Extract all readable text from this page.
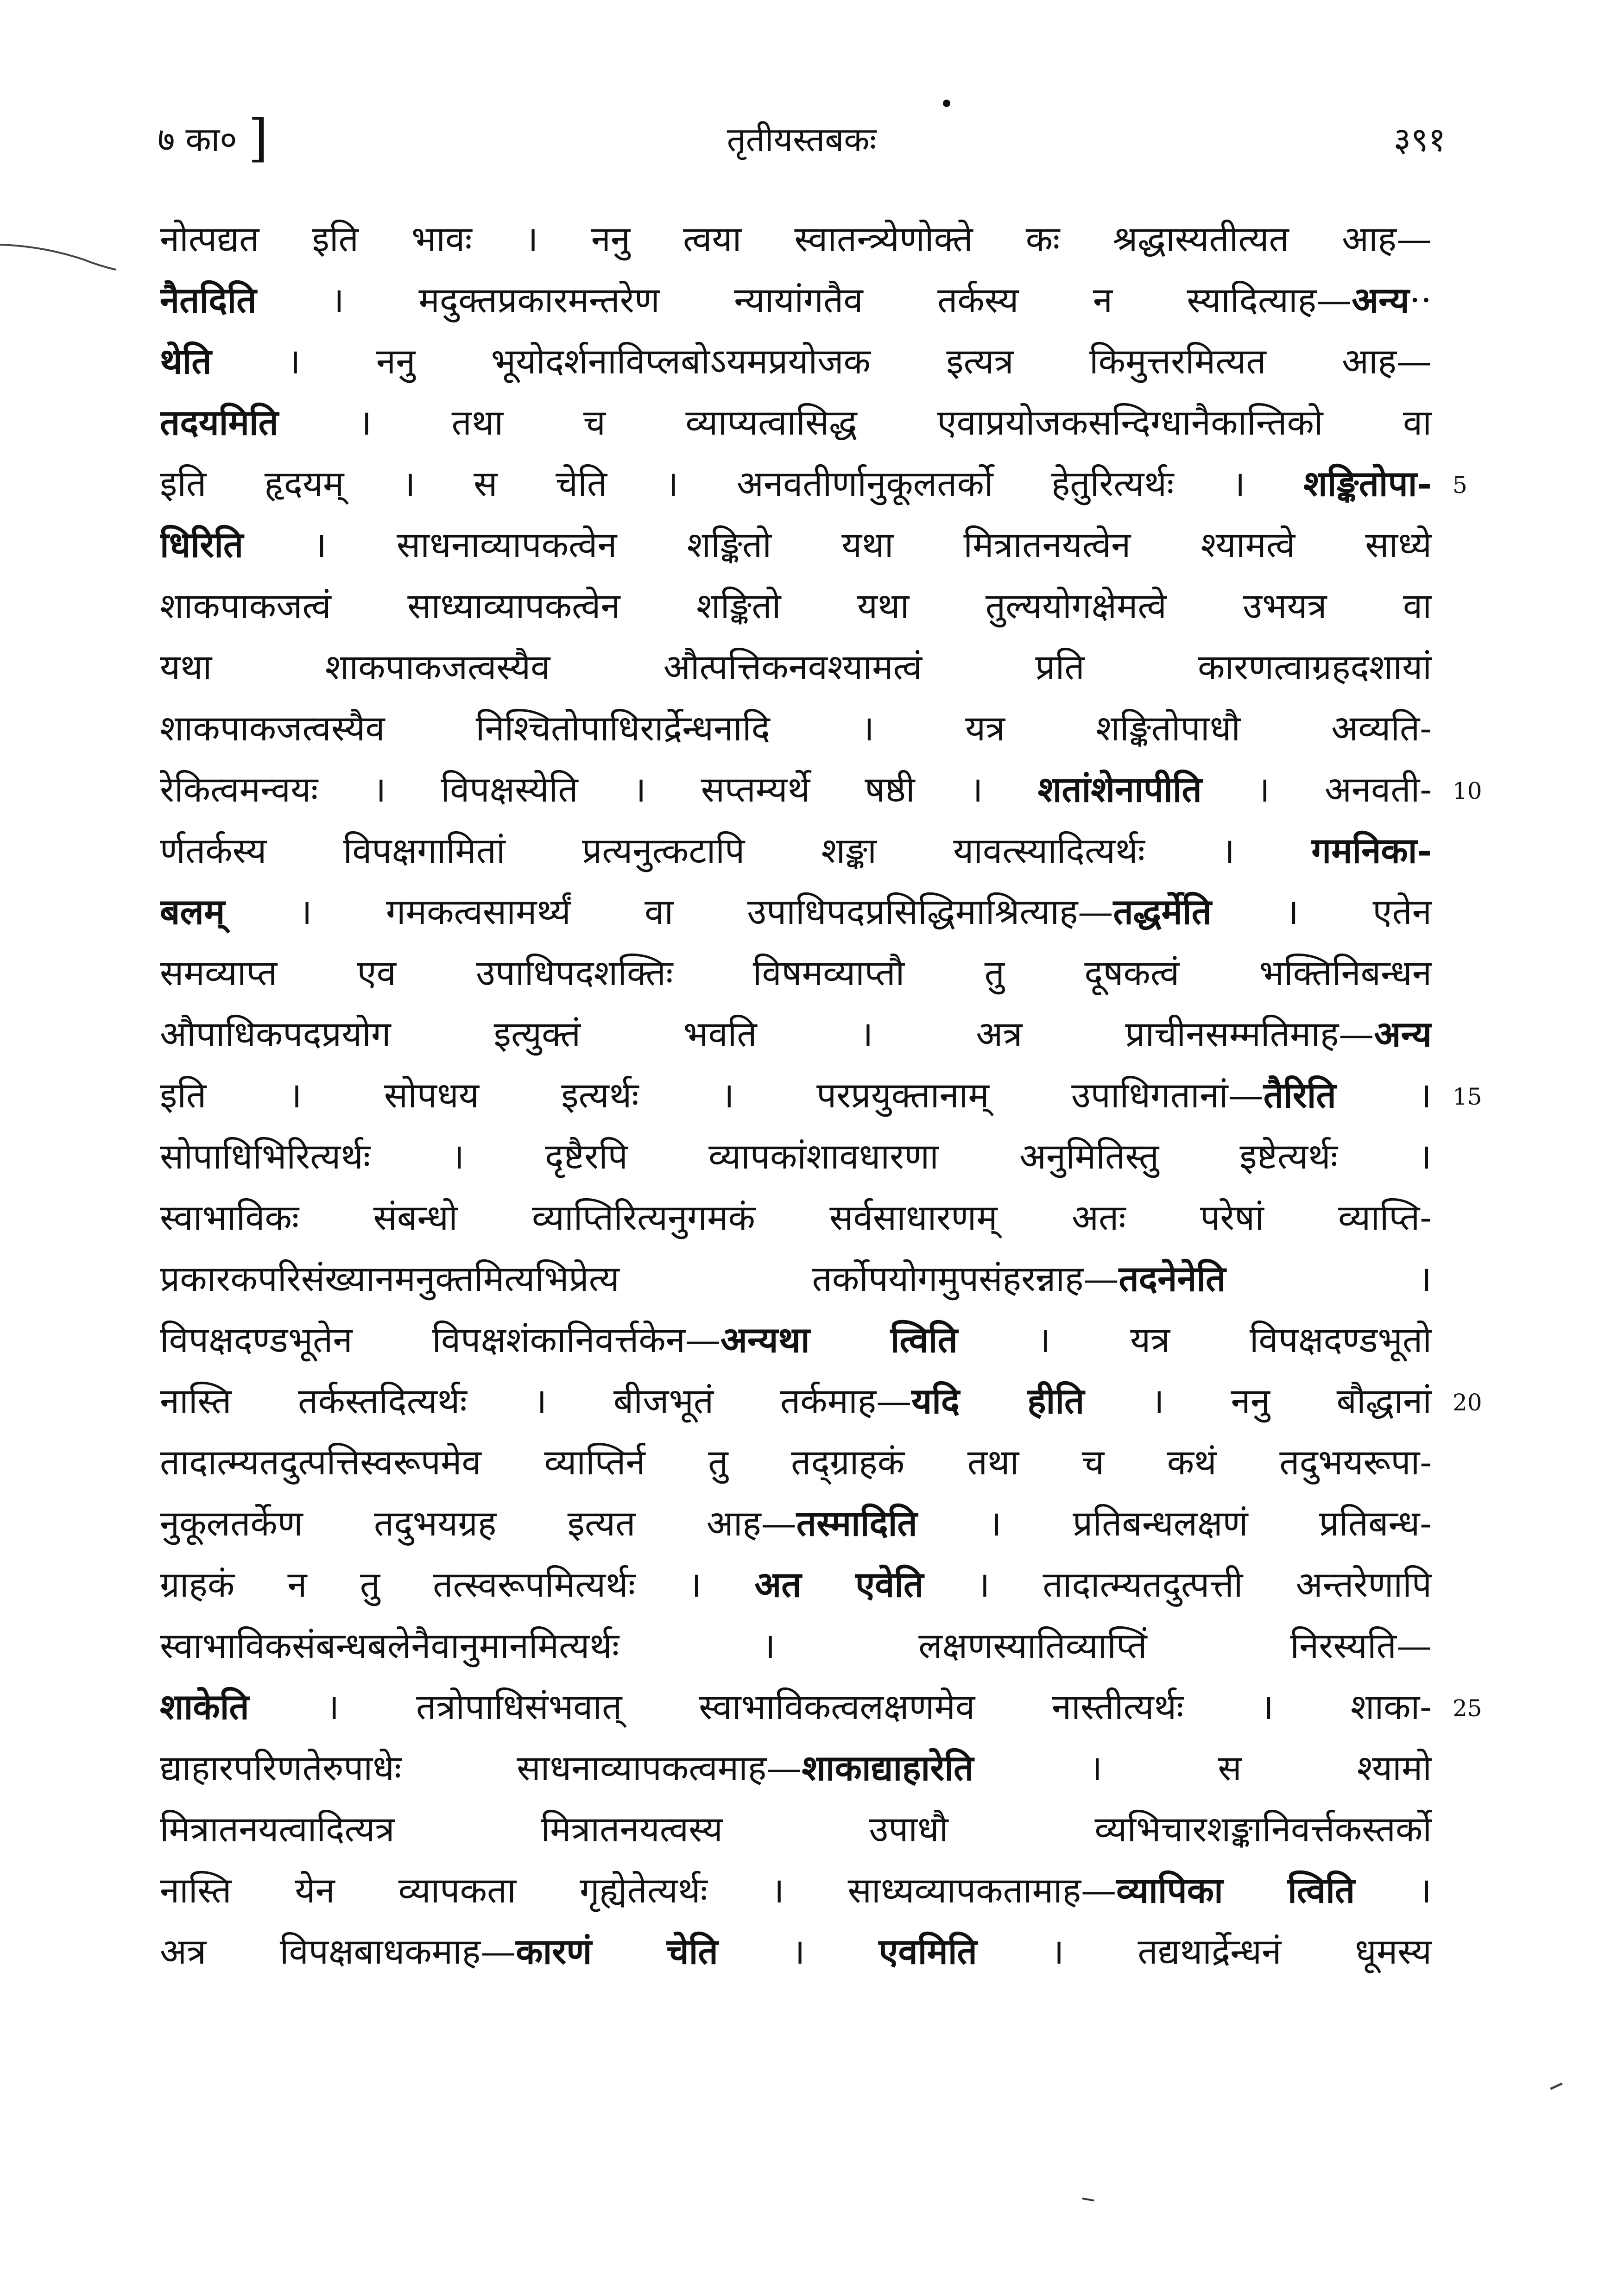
७ का० ]	तृतीयस्तबकः	३९१
नोत्पद्यत इति भावः । ननु त्वया स्वातन्त्र्येणोक्ते कः श्रद्धास्यतीत्यत आह—
नैतदिति । मदुक्तप्रकारमन्तरेण न्यायांगतैव तर्कस्य न स्यादित्याह—अन्य··
थेति । ननु भूयोदर्शनाविप्लबोऽयमप्रयोजक इत्यत्र किमुत्तरमित्यत आह—
तदयमिति । तथा च व्याप्यत्वासिद्ध एवाप्रयोजकसन्दिग्धानैकान्तिको वा
इति हृदयम् । स चेति । अनवतीर्णानुकूलतर्को हेतुरित्यर्थः । शङ्कितोपा-
धिरिति । साधनाव्यापकत्वेन शङ्कितो यथा मित्रातनयत्वेन श्यामत्वे साध्ये
शाकपाकजत्वं साध्याव्यापकत्वेन शङ्कितो यथा तुल्ययोगक्षेमत्वे उभयत्र वा
यथा शाकपाकजत्वस्यैव औत्पत्तिकनवश्यामत्वं प्रति कारणत्वाग्रहदशायां
शाकपाकजत्वस्यैव निश्चितोपाधिरार्द्रेन्धनादि । यत्र शङ्कितोपाधौ अव्यति-
रेकित्वमन्वयः । विपक्षस्येति । सप्तम्यर्थे षष्ठी । शतांशेनापीति । अनवती-
र्णतर्कस्य विपक्षगामितां प्रत्यनुत्कटापि शङ्का यावत्स्यादित्यर्थः । गमनिका-
बलम् । गमकत्वसामर्थ्यं वा उपाधिपदप्रसिद्धिमाश्रित्याह—तद्धर्मेति । एतेन
समव्याप्त एव उपाधिपदशक्तिः विषमव्याप्तौ तु दूषकत्वं भक्तिनिबन्धन
औपाधिकपदप्रयोग इत्युक्तं भवति । अत्र प्राचीनसम्मतिमाह—अन्य
इति । सोपधय इत्यर्थः । परप्रयुक्तानाम् उपाधिगतानां—तैरिति ।
सोपाधिभिरित्यर्थः । दृष्टैरपि व्यापकांशावधारणा अनुमितिस्तु इष्टेत्यर्थः ।
स्वाभाविकः संबन्धो व्याप्तिरित्यनुगमकं सर्वसाधारणम् अतः परेषां व्याप्ति-
प्रकारकपरिसंख्यानमनुक्तमित्यभिप्रेत्य तर्कोपयोगमुपसंहरन्नाह—तदनेनेति ।
विपक्षदण्डभूतेन विपक्षशंकानिवर्त्तकेन—अन्यथा त्विति । यत्र विपक्षदण्डभूतो
नास्ति तर्कस्तदित्यर्थः । बीजभूतं तर्कमाह—यदि हीति । ननु बौद्धानां
तादात्म्यतदुत्पत्तिस्वरूपमेव व्याप्तिर्न तु तद्ग्राहकं तथा च कथं तदुभयरूपा-
नुकूलतर्केण तदुभयग्रह इत्यत आह—तस्मादिति । प्रतिबन्धलक्षणं प्रतिबन्ध-
ग्राहकं न तु तत्स्वरूपमित्यर्थः । अत एवेति । तादात्म्यतदुत्पत्ती अन्तरेणापि
स्वाभाविकसंबन्धबलेनैवानुमानमित्यर्थः । लक्षणस्यातिव्याप्तिं निरस्यति—
शाकेति । तत्रोपाधिसंभवात् स्वाभाविकत्वलक्षणमेव नास्तीत्यर्थः । शाका-
द्याहारपरिणतेरुपाधेः साधनाव्यापकत्वमाह—शाकाद्याहारेति । स श्यामो
मित्रातनयत्वादित्यत्र मित्रातनयत्वस्य उपाधौ व्यभिचारशङ्कानिवर्त्तकस्तर्को
नास्ति येन व्यापकता गृह्येतेत्यर्थः । साध्यव्यापकतामाह—व्यापिका त्विति ।
अत्र विपक्षबाधकमाह—कारणं चेति । एवमिति । तद्यथार्द्रेन्धनं धूमस्य
5
10
15
20
25
